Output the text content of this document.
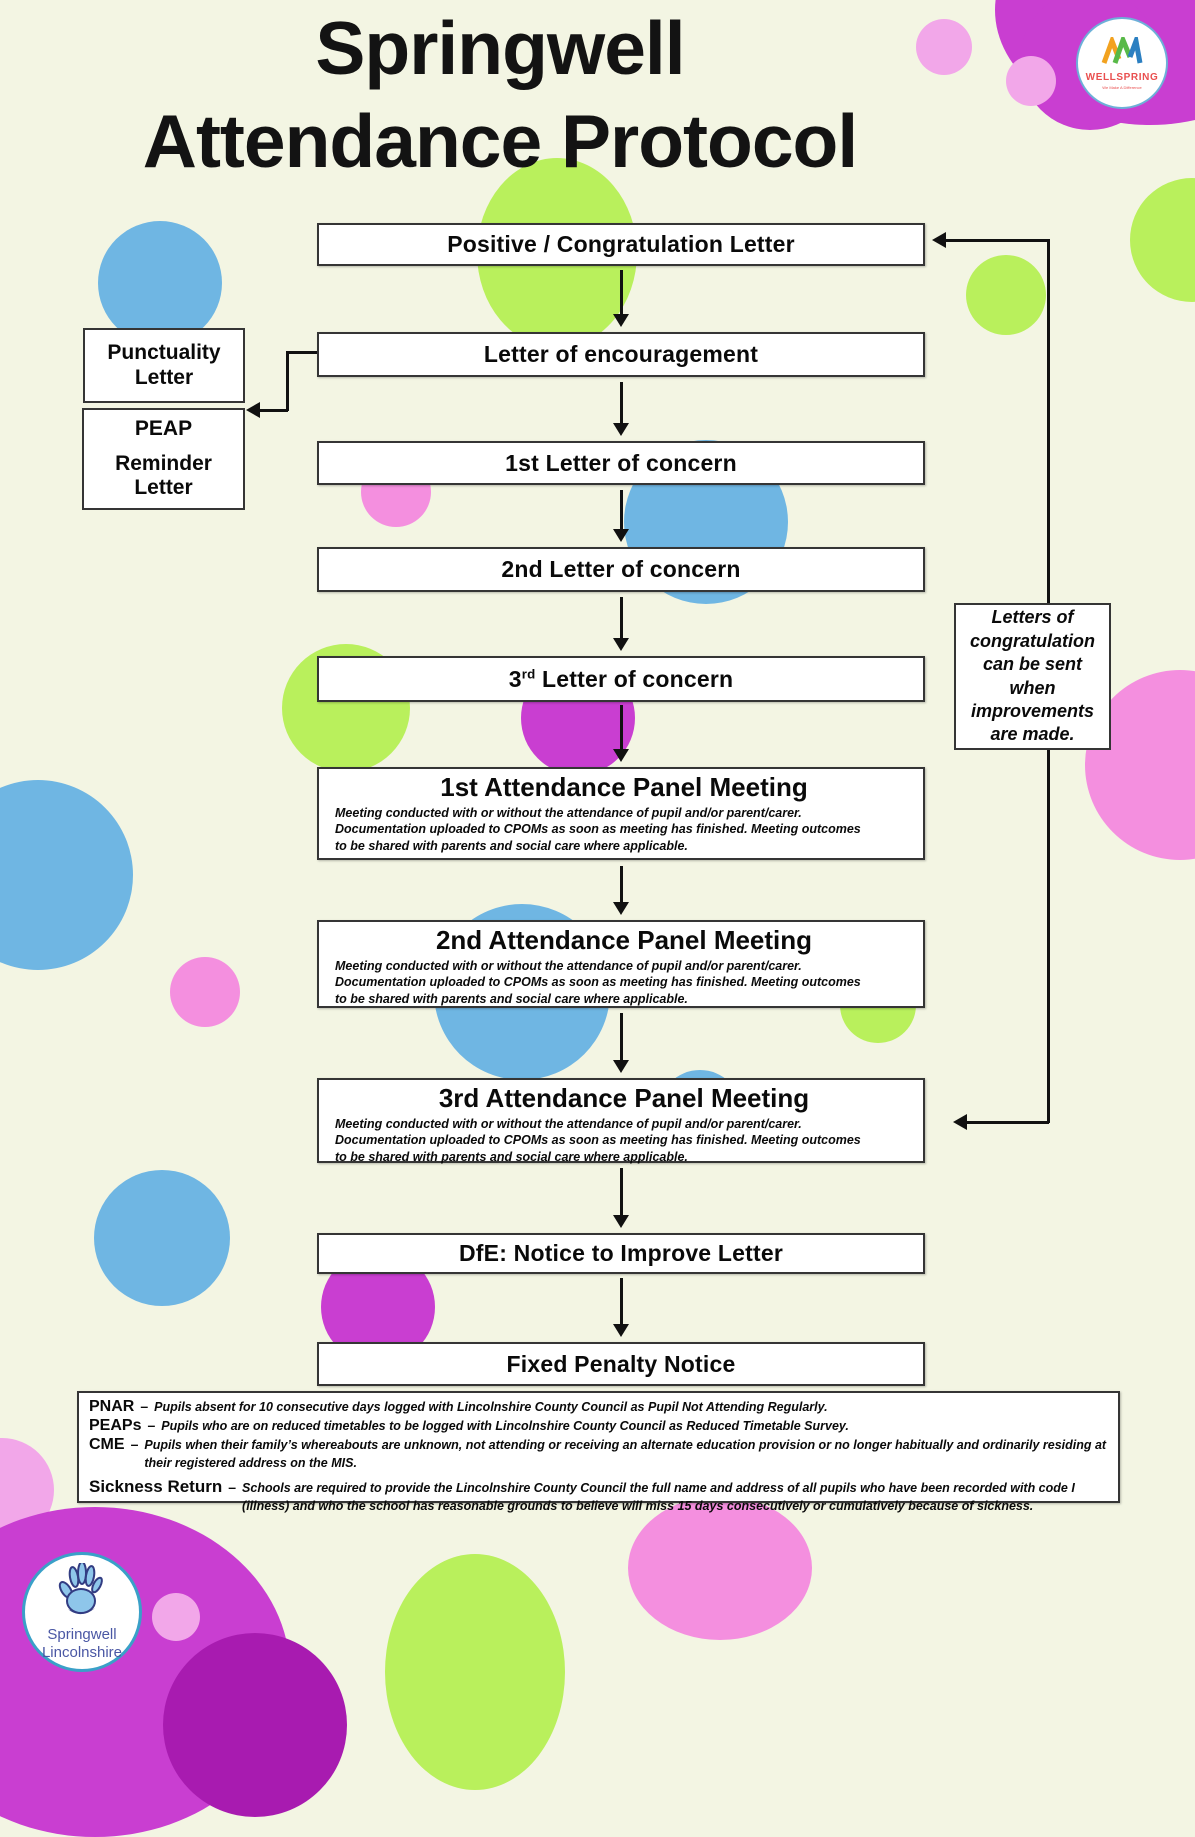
Springwell
Attendance Protocol
WELLSPRING
We Make A Difference
Positive / Congratulation Letter
Letter of encouragement
1st Letter of concern
2nd Letter of concern
3rd Letter of concern
1st Attendance Panel Meeting
Meeting conducted with or without the attendance of pupil and/or parent/carer. Documentation uploaded to CPOMs as soon as meeting has finished. Meeting outcomes to be shared with parents and social care where applicable.
2nd Attendance Panel Meeting
Meeting conducted with or without the attendance of pupil and/or parent/carer. Documentation uploaded to CPOMs as soon as meeting has finished. Meeting outcomes to be shared with parents and social care where applicable.
3rd Attendance Panel Meeting
Meeting conducted with or without the attendance of pupil and/or parent/carer. Documentation uploaded to CPOMs as soon as meeting has finished. Meeting outcomes to be shared with parents and social care where applicable.
DfE: Notice to Improve Letter
Fixed Penalty Notice
Punctuality Letter
PEAP
Reminder Letter
Letters of congratulation can be sent when improvements are made.
PNAR – Pupils absent for 10 consecutive days logged with Lincolnshire County Council as Pupil Not Attending Regularly.
PEAPs – Pupils who are on reduced timetables to be logged with Lincolnshire County Council as Reduced Timetable Survey.
CME – Pupils when their family’s whereabouts are unknown, not attending or receiving an alternate education provision or no longer habitually and ordinarily residing at their registered address on the MIS.
Sickness Return – Schools are required to provide the Lincolnshire County Council the full name and address of all pupils who have been recorded with code I (illness) and who the school has reasonable grounds to believe will miss 15 days consecutively or cumulatively because of sickness.
Springwell
Lincolnshire
